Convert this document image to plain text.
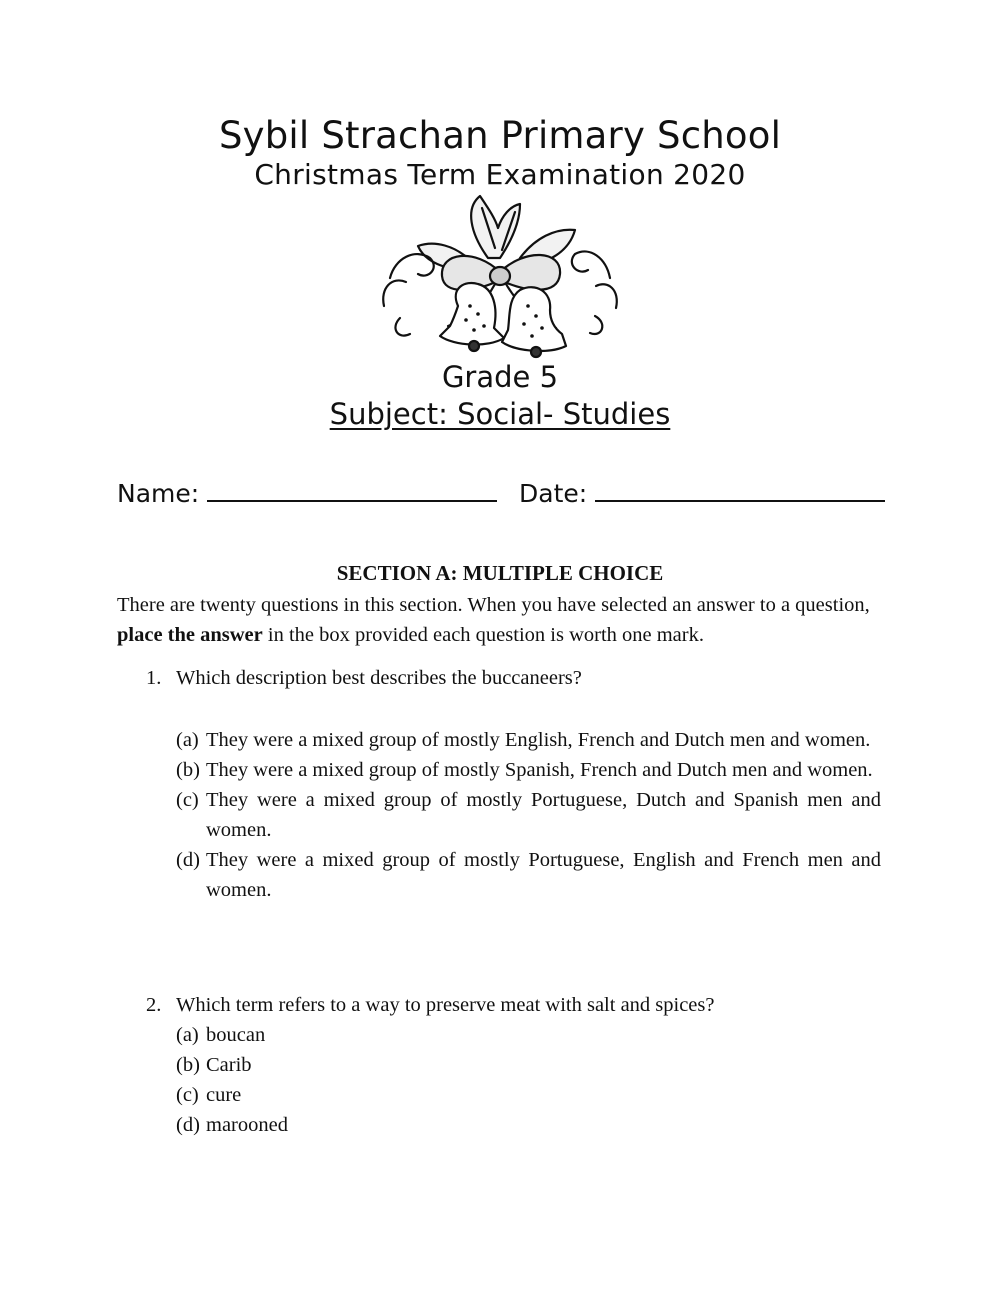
Sybil Strachan Primary School
Christmas Term Examination 2020
Grade 5
Subject: Social- Studies
Name:	Date:
SECTION A: MULTIPLE CHOICE
There are twenty questions in this section. When you have selected an answer to a question, place the answer in the box provided each question is worth one mark.
1. Which description best describes the buccaneers?
(a) They were a mixed group of mostly English, French and Dutch men and women.
(b) They were a mixed group of mostly Spanish, French and Dutch men and women.
(c) They were a mixed group of mostly Portuguese, Dutch and Spanish men and women.
(d) They were a mixed group of mostly Portuguese, English and French men and women.
2. Which term refers to a way to preserve meat with salt and spices?
(a) boucan
(b) Carib
(c) cure
(d) marooned
